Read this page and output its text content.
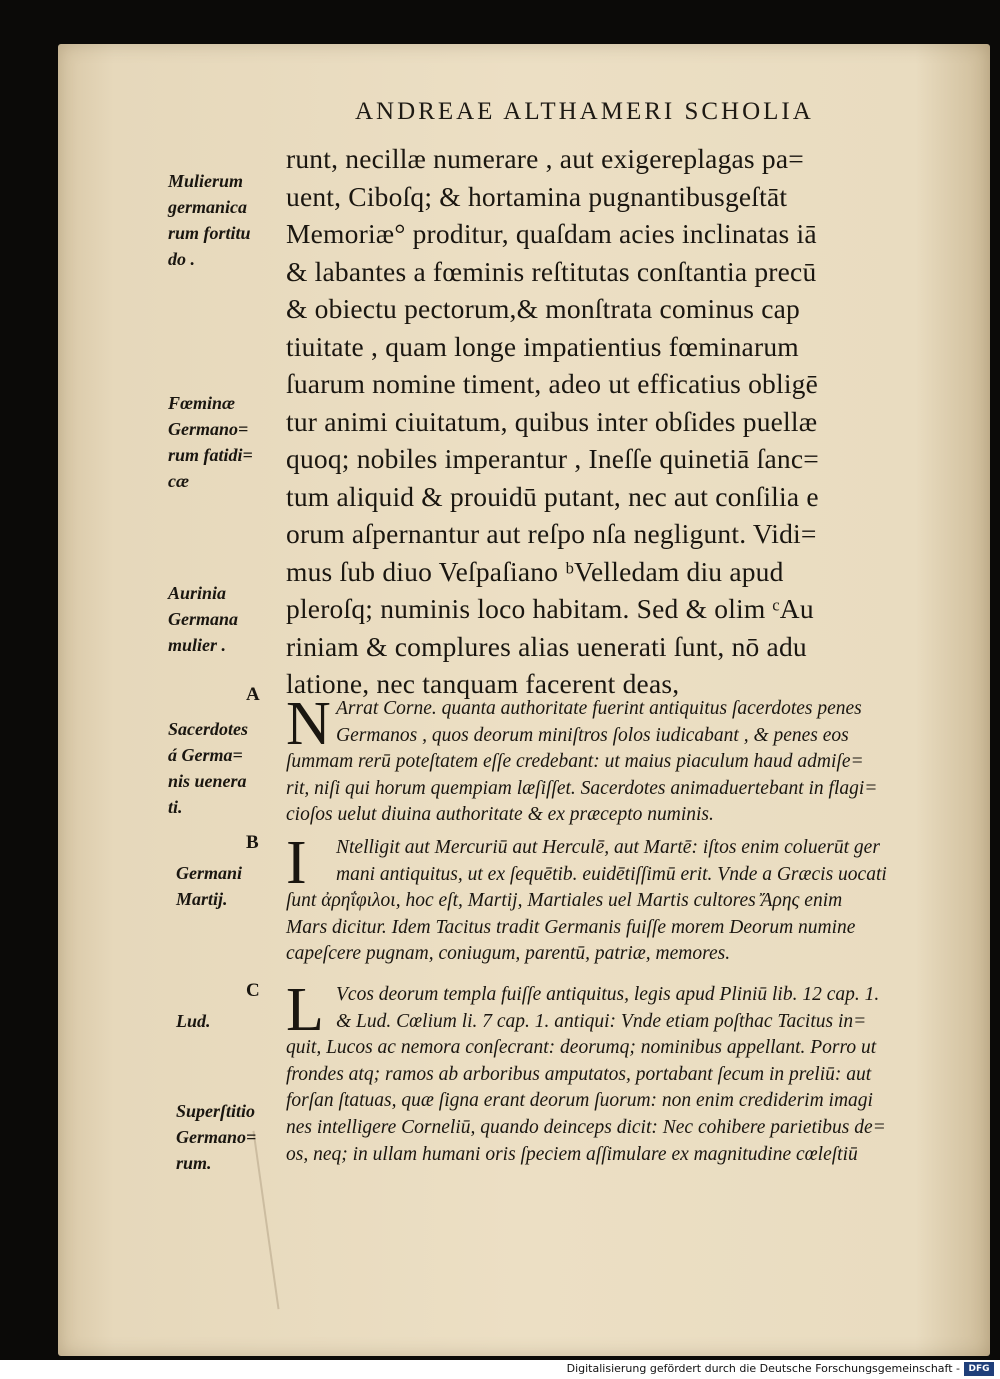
ANDREAE ALTHAMERI SCHOLIA
runt, necillæ numerare , aut exigereplagas pa=
uent, Ciboſq; & hortamina pugnantibusgeſtāt
Memoriæ° proditur, quaſdam acies inclinatas iā
& labantes a fœminis reſtitutas conſtantia precū
& obiectu pectorum,& monſtrata cominus cap
tiuitate , quam longe impatientius fœminarum
ſuarum nomine timent, adeo ut efficatius obligē
tur animi ciuitatum, quibus inter obſides puellæ
quoq; nobiles imperantur , Ineſſe quinetiā ſanc=
tum aliquid & prouidū putant, nec aut conſilia e
orum aſpernantur aut reſpo nſa negligunt. Vidi=
mus ſub diuo Veſpaſiano ᵇVelledam diu apud
pleroſq; numinis loco habitam. Sed & olim ᶜAu
riniam & complures alias uenerati ſunt, nō adu
latione, nec tanquam facerent deas,
N Arrat Corne. quanta authoritate fuerint antiquitus ſacerdotes penes
Germanos , quos deorum miniſtros ſolos iudicabant , & penes eos
ſummam rerū poteſtatem eſſe credebant: ut maius piaculum haud admiſe=
rit, niſi qui horum quempiam læſiſſet. Sacerdotes animaduertebant in flagi=
cioſos uelut diuina authoritate & ex præcepto numinis.
I	Ntelligit aut Mercuriū aut Herculē, aut Martē: iſtos enim coluerūt ger
mani antiquitus, ut ex ſequētib. euidētiſſimū erit. Vnde a Græcis uocati
ſunt ἀρηΐφιλοι, hoc eſt, Martij, Martiales uel Martis cultores Ἄρης enim
Mars dicitur. Idem Tacitus tradit Germanis fuiſſe morem Deorum numine
capeſcere pugnam, coniugum, parentū, patriæ, memores.
L Vcos deorum templa fuiſſe antiquitus, legis apud Pliniū lib. 12 cap. 1.
& Lud. Cœlium li. 7 cap. 1. antiqui: Vnde etiam poſthac Tacitus in=
quit, Lucos ac nemora conſecrant: deorumq; nominibus appellant. Porro ut
frondes atq; ramos ab arboribus amputatos, portabant ſecum in preliū: aut
forſan ſtatuas, quæ ſigna erant deorum ſuorum: non enim crediderim imagi
nes intelligere Corneliū, quando deinceps dicit: Nec cohibere parietibus de=
os, neq; in ullam humani oris ſpeciem aſſimulare ex magnitudine cœleſtiū
Mulierum
germanica
rum fortitu
do .
Fœminæ
Germano=
rum fatidi=
cæ
Aurinia
Germana
mulier .
A
Sacerdotes
á Germa=
nis uenera
ti.
B
Germani
Martij.
C
Lud.
Superſtitio
Germano=
rum.
Digitalisierung gefördert durch die Deutsche Forschungsgemeinschaft - DFG
